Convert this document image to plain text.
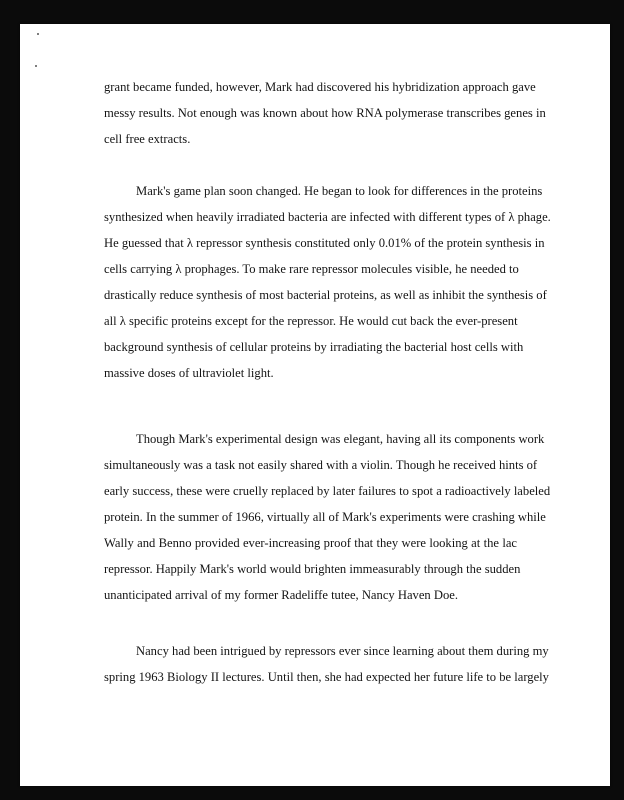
grant became funded, however, Mark had discovered his hybridization approach gave
messy results. Not enough was known about how RNA polymerase transcribes genes in
cell free extracts.
Mark's game plan soon changed. He began to look for differences in the proteins
synthesized when heavily irradiated bacteria are infected with different types of λ phage.
He guessed that λ repressor synthesis constituted only 0.01% of the protein synthesis in
cells carrying λ prophages. To make rare repressor molecules visible, he needed to
drastically reduce synthesis of most bacterial proteins, as well as inhibit the synthesis of
all λ specific proteins except for the repressor. He would cut back the ever-present
background synthesis of cellular proteins by irradiating the bacterial host cells with
massive doses of ultraviolet light.
Though Mark's experimental design was elegant, having all its components work
simultaneously was a task not easily shared with a violin. Though he received hints of
early success, these were cruelly replaced by later failures to spot a radioactively labeled
protein. In the summer of 1966, virtually all of Mark's experiments were crashing while
Wally and Benno provided ever-increasing proof that they were looking at the lac
repressor. Happily Mark's world would brighten immeasurably through the sudden
unanticipated arrival of my former Radeliffe tutee, Nancy Haven Doe.
Nancy had been intrigued by repressors ever since learning about them during my
spring 1963 Biology II lectures. Until then, she had expected her future life to be largely
